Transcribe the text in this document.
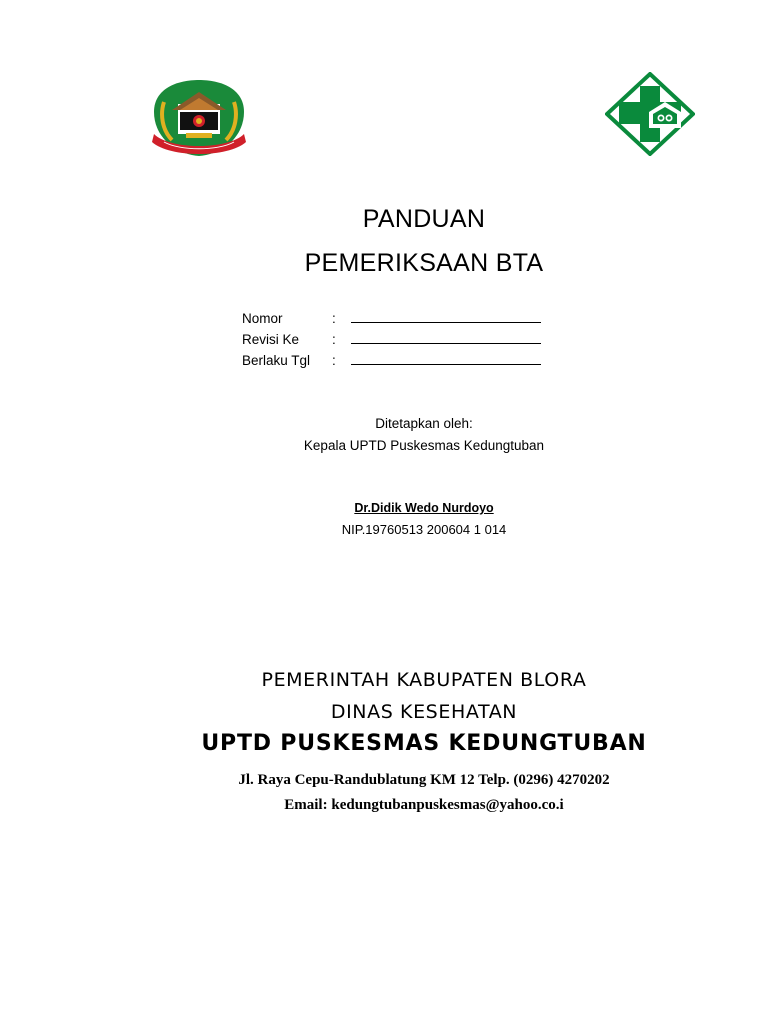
PANDUAN
PEMERIKSAAN BTA
Nomor	:
Revisi Ke :
Berlaku Tgl :
Ditetapkan oleh:
Kepala UPTD Puskesmas Kedungtuban
Dr.Didik Wedo Nurdoyo
NIP.19760513 200604 1 014
PEMERINTAH KABUPATEN BLORA
DINAS KESEHATAN
UPTD PUSKESMAS KEDUNGTUBAN
Jl. Raya Cepu-Randublatung KM 12 Telp. (0296) 4270202
Email: kedungtubanpuskesmas@yahoo.co.i
